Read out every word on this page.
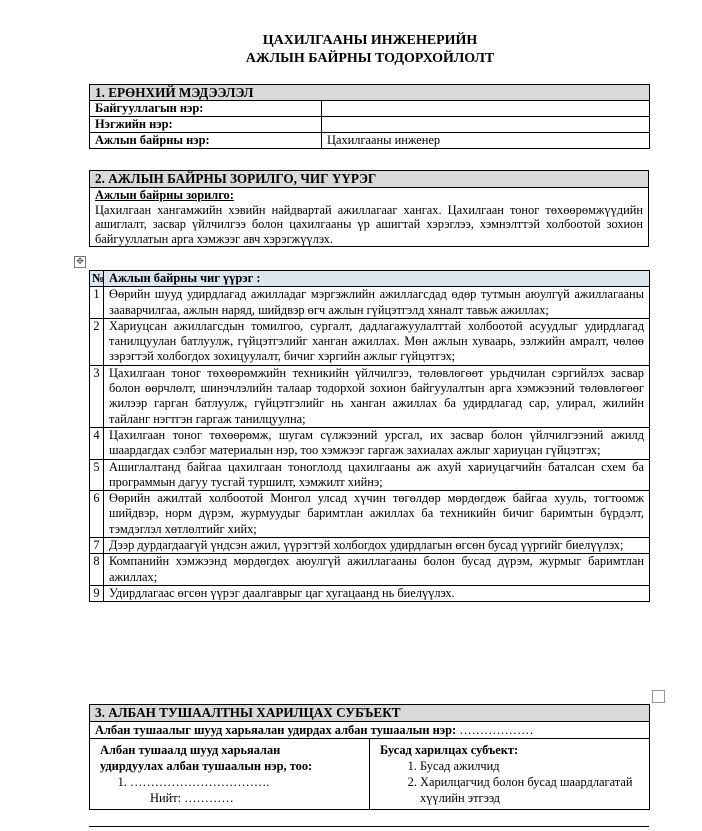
ЦАХИЛГААНЫ ИНЖЕНЕРИЙН
АЖЛЫН БАЙРНЫ ТОДОРХОЙЛОЛТ
1. ЕРӨНХИЙ МЭДЭЭЛЭЛ	
Байгууллагын нэр:	
Нэгжийн нэр:	
Ажлын байрны нэр:	Цахилгааны инженер
2. АЖЛЫН БАЙРНЫ ЗОРИЛГО, ЧИГ ҮҮРЭГ

Ажлын байрны зорилго:
Цахилгаан хангамжийн хэвийн найдвартай ажиллагааг хангах. Цахилгаан тоног төхөөрөмжүүдийн ашиглалт, засвар үйлчилгээ болон цахилгааны үр ашигтай хэрэглээ, хэмнэлттэй холбоотой зохион байгууллатын арга хэмжээг авч хэрэгжүүлэх.
✥
№	Ажлын байрны чиг үүрэг :
1	Өөрийн шууд удирдлагад ажилладаг мэргэжлийн ажиллагсдад өдөр тутмын аюулгүй ажиллагааны зааварчилгаа, ажлын наряд, шийдвэр өгч ажлын гүйцэтгэлд хяналт тавьж ажиллах;
2	Хариуцсан ажиллагсдын томилгоо, сургалт, дадлагажуулалттай холбоотой асуудлыг удирдлагад танилцуулан батлуулж, гүйцэтгэлийг ханган ажиллах. Мөн ажлын хуваарь, ээлжийн амралт, чөлөө зэрэгтэй холбогдох зохицуулалт, бичиг хэргийн ажлыг гүйцэтгэх;
3	Цахилгаан тоног төхөөрөмжийн техникийн үйлчилгээ, төлөвлөгөөт урьдчилан сэргийлэх засвар болон өөрчлөлт, шинэчлэлийн талаар тодорхой зохион байгуулалтын арга хэмжээний төлөвлөгөөг жилээр гарган батлуулж, гүйцэтгэлийг нь ханган ажиллах ба удирдлагад сар, улирал, жилийн тайланг нэгтгэн гаргаж танилцуулна;
4	Цахилгаан тоног төхөөрөмж, шугам сүлжээний урсгал, их засвар болон үйлчилгээний ажилд шаардагдах сэлбэг материалын нэр, тоо хэмжээг гаргаж захиалах ажлыг хариуцан гүйцэтгэх;
5	Ашиглалтанд байгаа цахилгаан тоноглолд цахилгааны аж ахуй хариуцагчийн баталсан схем ба программын дагуу тусгай туршилт, хэмжилт хийнэ;
6	Өөрийн ажилтай холбоотой Монгол улсад хүчин төгөлдөр мөрдөгдөж байгаа хууль, тогтоомж шийдвэр, норм дүрэм, журмуудыг баримтлан ажиллах ба техникийн бичиг баримтын бүрдэлт, тэмдэглэл хөтлөлтийг хийх;
7	Дээр дурдагдаагүй үндсэн ажил, үүрэгтэй холбогдох удирдлагын өгсөн бусад үүргийг биелүүлэх;
8	Компанийн хэмжээнд мөрдөгдөх аюулгүй ажиллагааны болон бусад дүрэм, журмыг баримтлан ажиллах;
9	Удирдлагаас өгсөн үүрэг даалгаврыг цаг хугацаанд нь биелүүлэх.
3. АЛБАН ТУШААЛТНЫ ХАРИЛЦАХ СУБЪЕКТ
Албан тушаалыг шууд харьяалан удирдах албан тушаалын нэр: ………………

Албан тушаалд шууд харьяалан
удирдуулах албан тушаалын нэр, тоо:
1. …………………………….
Нийт: …………

Бусад харилцах субъект:
1. Бусад ажилчид
2. Харилцагчид болон бусад шаардлагатай хүүлийн этгээд
